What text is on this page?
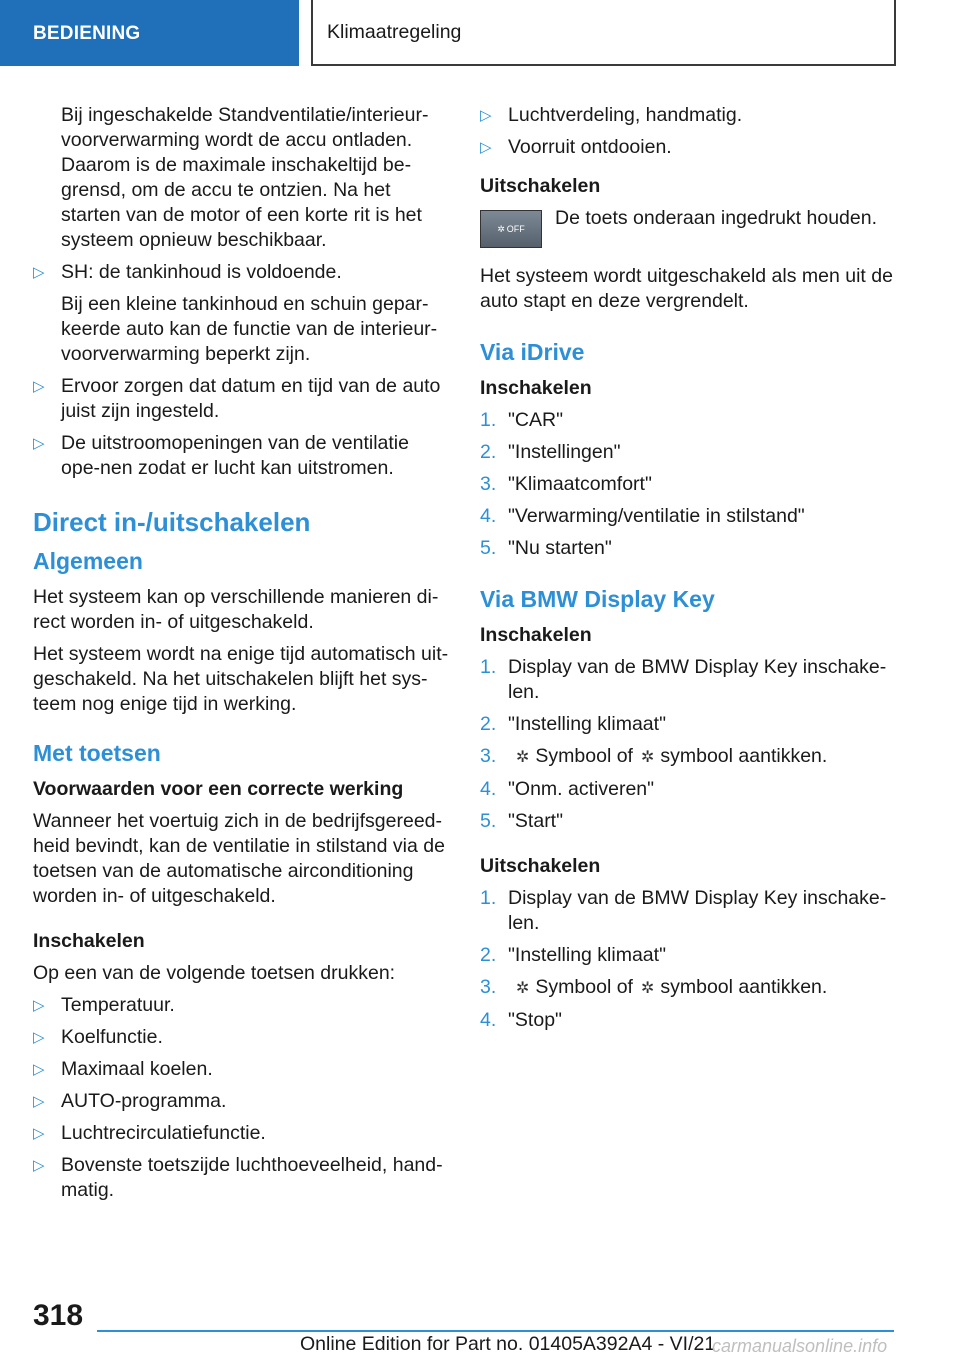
BEDIENING	Klimaatregeling

Bij ingeschakelde Standventilatie/interieur-voorverwarming wordt de accu ontladen. Daarom is de maximale inschakeltijd be-grensd, om de accu te ontzien. Na het starten van de motor of een korte rit is het systeem opnieuw beschikbaar.

▷ SH: de tankinhoud is voldoende.

Bij een kleine tankinhoud en schuin gepar-keerde auto kan de functie van de interieur-voorverwarming beperkt zijn.

▷ Ervoor zorgen dat datum en tijd van de auto juist zijn ingesteld.
▷ De uitstroomopeningen van de ventilatie ope-nen zodat er lucht kan uitstromen.
Direct in-/uitschakelen
Algemeen

Het systeem kan op verschillende manieren di-rect worden in- of uitgeschakeld.

Het systeem wordt na enige tijd automatisch uit-geschakeld. Na het uitschakelen blijft het sys-teem nog enige tijd in werking.

Met toetsen
Voorwaarden voor een correcte werking

Wanneer het voertuig zich in de bedrijfsgereed-heid bevindt, kan de ventilatie in stilstand via de toetsen van de automatische airconditioning worden in- of uitgeschakeld.

Inschakelen

Op een van de volgende toetsen drukken:

▷ Temperatuur.
▷ Koelfunctie.
▷ Maximaal koelen.
▷ AUTO-programma.
▷ Luchtrecirculatiefunctie.
▷ Bovenste toetszijde luchthoeveelheid, hand-matig.
▷ Luchtverdeling, handmatig.
▷ Voorruit ontdooien.
Uitschakelen
✲ OFF	De toets onderaan ingedrukt houden.

Het systeem wordt uitgeschakeld als men uit de auto stapt en deze vergrendelt.

Via iDrive
Inschakelen
1. "CAR"
2. "Instellingen"
3. "Klimaatcomfort"
4. "Verwarming/ventilatie in stilstand"
5. "Nu starten"
Via BMW Display Key
Inschakelen
1. Display van de BMW Display Key inschake-len.
2. "Instelling klimaat"
3. ✲ Symbool of ✲ symbool aantikken.
4. "Onm. activeren"
5. "Start"
Uitschakelen
1. Display van de BMW Display Key inschake-len.
2. "Instelling klimaat"
3. ✲ Symbool of ✲ symbool aantikken.
4. "Stop"
318
Online Edition for Part no. 01405A392A4 - VI/21
carmanualsonline.info
